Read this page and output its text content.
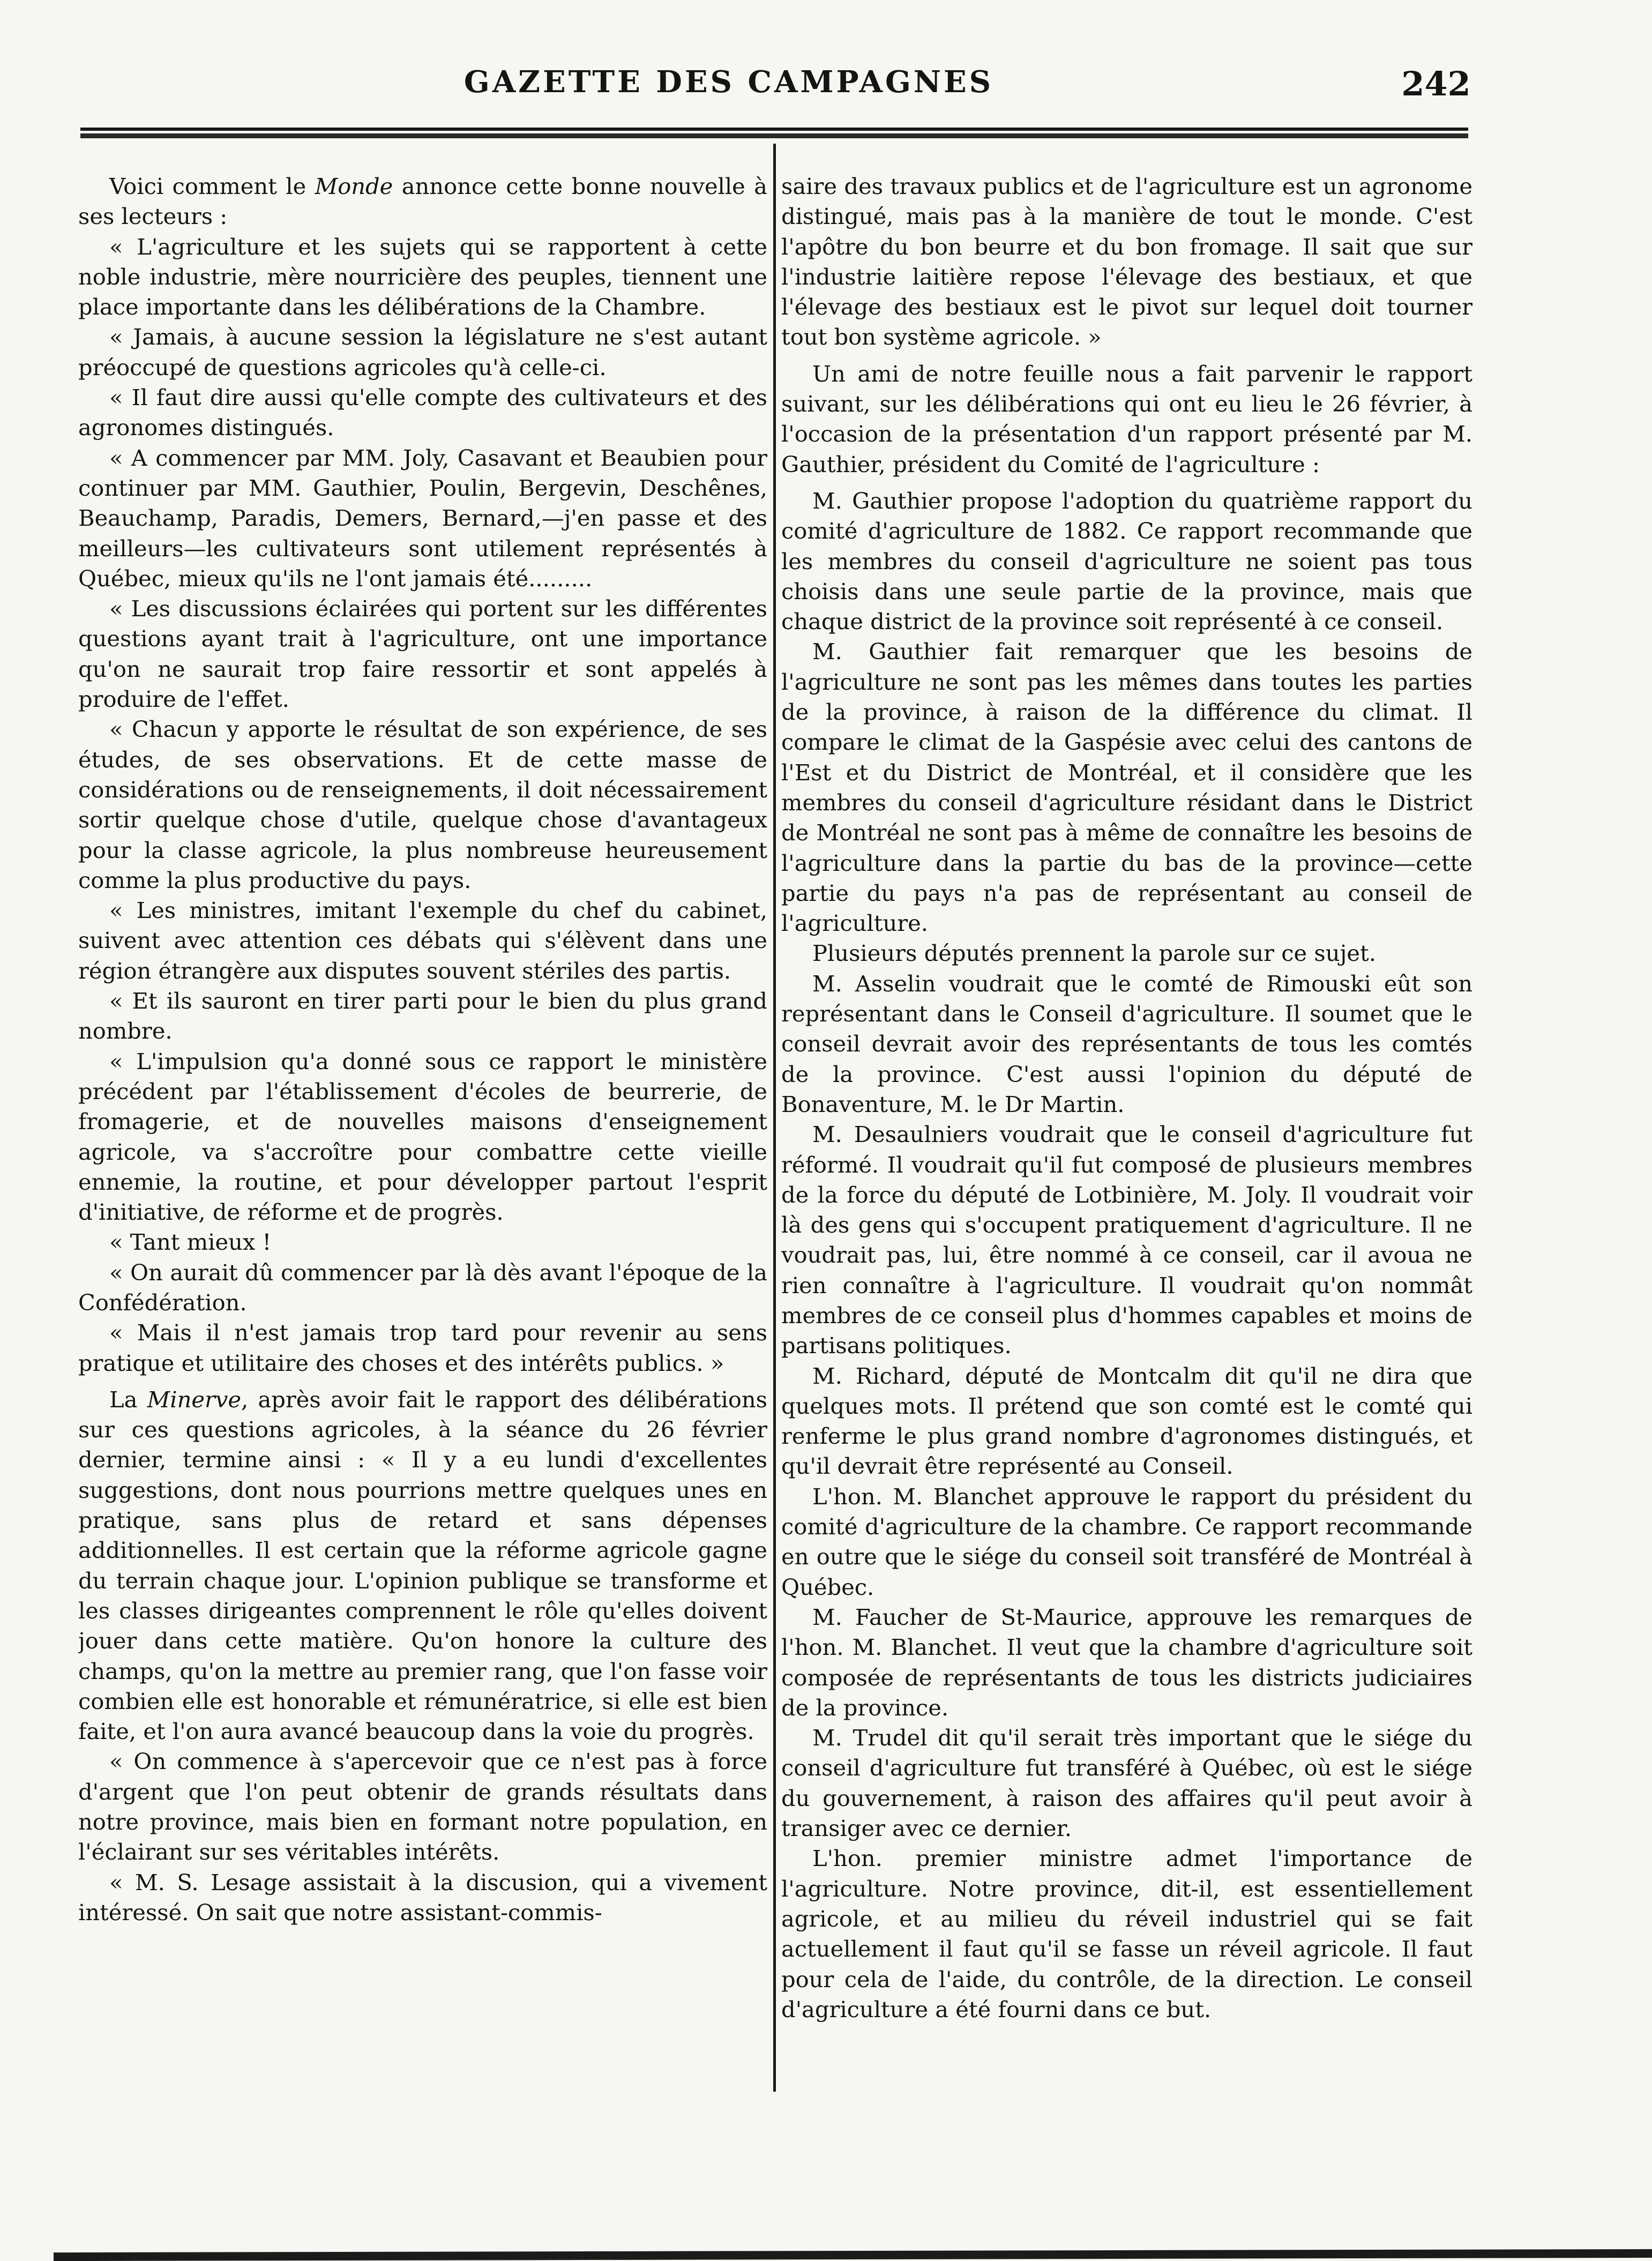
GAZETTE DES CAMPAGNES	242

Voici comment le Monde annonce cette bonne nouvelle à ses lecteurs :

« L'agriculture et les sujets qui se rapportent à cette noble industrie, mère nourricière des peuples, tiennent une place importante dans les délibérations de la Chambre.

« Jamais, à aucune session la législature ne s'est autant préoccupé de questions agricoles qu'à celle-ci.

« Il faut dire aussi qu'elle compte des cultivateurs et des agronomes distingués.

« A commencer par MM. Joly, Casavant et Beaubien pour continuer par MM. Gauthier, Poulin, Bergevin, Deschênes, Beauchamp, Paradis, Demers, Bernard,—j'en passe et des meilleurs—les cultivateurs sont utilement représentés à Québec, mieux qu'ils ne l'ont jamais été.........

« Les discussions éclairées qui portent sur les différentes questions ayant trait à l'agriculture, ont une importance qu'on ne saurait trop faire ressortir et sont appelés à produire de l'effet.

« Chacun y apporte le résultat de son expérience, de ses études, de ses observations. Et de cette masse de considérations ou de renseignements, il doit nécessairement sortir quelque chose d'utile, quelque chose d'avantageux pour la classe agricole, la plus nombreuse heureusement comme la plus productive du pays.

« Les ministres, imitant l'exemple du chef du cabinet, suivent avec attention ces débats qui s'élèvent dans une région étrangère aux disputes souvent stériles des partis.

« Et ils sauront en tirer parti pour le bien du plus grand nombre.

« L'impulsion qu'a donné sous ce rapport le ministère précédent par l'établissement d'écoles de beurrerie, de fromagerie, et de nouvelles maisons d'enseignement agricole, va s'accroître pour combattre cette vieille ennemie, la routine, et pour développer partout l'esprit d'initiative, de réforme et de progrès.

« Tant mieux !

« On aurait dû commencer par là dès avant l'époque de la Confédération.

« Mais il n'est jamais trop tard pour revenir au sens pratique et utilitaire des choses et des intérêts publics. »

La Minerve, après avoir fait le rapport des délibérations sur ces questions agricoles, à la séance du 26 février dernier, termine ainsi : « Il y a eu lundi d'excellentes suggestions, dont nous pourrions mettre quelques unes en pratique, sans plus de retard et sans dépenses additionnelles. Il est certain que la réforme agricole gagne du terrain chaque jour. L'opinion publique se transforme et les classes dirigeantes comprennent le rôle qu'elles doivent jouer dans cette matière. Qu'on honore la culture des champs, qu'on la mettre au premier rang, que l'on fasse voir combien elle est honorable et rémunératrice, si elle est bien faite, et l'on aura avancé beaucoup dans la voie du progrès.

« On commence à s'apercevoir que ce n'est pas à force d'argent que l'on peut obtenir de grands résultats dans notre province, mais bien en formant notre population, en l'éclairant sur ses véritables intérêts.

« M. S. Lesage assistait à la discusion, qui a vivement intéressé. On sait que notre assistant-commis-

saire des travaux publics et de l'agriculture est un agronome distingué, mais pas à la manière de tout le monde. C'est l'apôtre du bon beurre et du bon fromage. Il sait que sur l'industrie laitière repose l'élevage des bestiaux, et que l'élevage des bestiaux est le pivot sur lequel doit tourner tout bon système agricole. »

Un ami de notre feuille nous a fait parvenir le rapport suivant, sur les délibérations qui ont eu lieu le 26 février, à l'occasion de la présentation d'un rapport présenté par M. Gauthier, président du Comité de l'agriculture :

M. Gauthier propose l'adoption du quatrième rapport du comité d'agriculture de 1882. Ce rapport recommande que les membres du conseil d'agriculture ne soient pas tous choisis dans une seule partie de la province, mais que chaque district de la province soit représenté à ce conseil.

M. Gauthier fait remarquer que les besoins de l'agriculture ne sont pas les mêmes dans toutes les parties de la province, à raison de la différence du climat. Il compare le climat de la Gaspésie avec celui des cantons de l'Est et du District de Montréal, et il considère que les membres du conseil d'agriculture résidant dans le District de Montréal ne sont pas à même de connaître les besoins de l'agriculture dans la partie du bas de la province—cette partie du pays n'a pas de représentant au conseil de l'agriculture.

Plusieurs députés prennent la parole sur ce sujet.

M. Asselin voudrait que le comté de Rimouski eût son représentant dans le Conseil d'agriculture. Il soumet que le conseil devrait avoir des représentants de tous les comtés de la province. C'est aussi l'opinion du député de Bonaventure, M. le Dr Martin.

M. Desaulniers voudrait que le conseil d'agriculture fut réformé. Il voudrait qu'il fut composé de plusieurs membres de la force du député de Lotbinière, M. Joly. Il voudrait voir là des gens qui s'occupent pratiquement d'agriculture. Il ne voudrait pas, lui, être nommé à ce conseil, car il avoua ne rien connaître à l'agriculture. Il voudrait qu'on nommât membres de ce conseil plus d'hommes capables et moins de partisans politiques.

M. Richard, député de Montcalm dit qu'il ne dira que quelques mots. Il prétend que son comté est le comté qui renferme le plus grand nombre d'agronomes distingués, et qu'il devrait être représenté au Conseil.

L'hon. M. Blanchet approuve le rapport du président du comité d'agriculture de la chambre. Ce rapport recommande en outre que le siége du conseil soit transféré de Montréal à Québec.

M. Faucher de St-Maurice, approuve les remarques de l'hon. M. Blanchet. Il veut que la chambre d'agriculture soit composée de représentants de tous les districts judiciaires de la province.

M. Trudel dit qu'il serait très important que le siége du conseil d'agriculture fut transféré à Québec, où est le siége du gouvernement, à raison des affaires qu'il peut avoir à transiger avec ce dernier.

L'hon. premier ministre admet l'importance de l'agriculture. Notre province, dit-il, est essentiellement agricole, et au milieu du réveil industriel qui se fait actuellement il faut qu'il se fasse un réveil agricole. Il faut pour cela de l'aide, du contrôle, de la direction. Le conseil d'agriculture a été fourni dans ce but.
